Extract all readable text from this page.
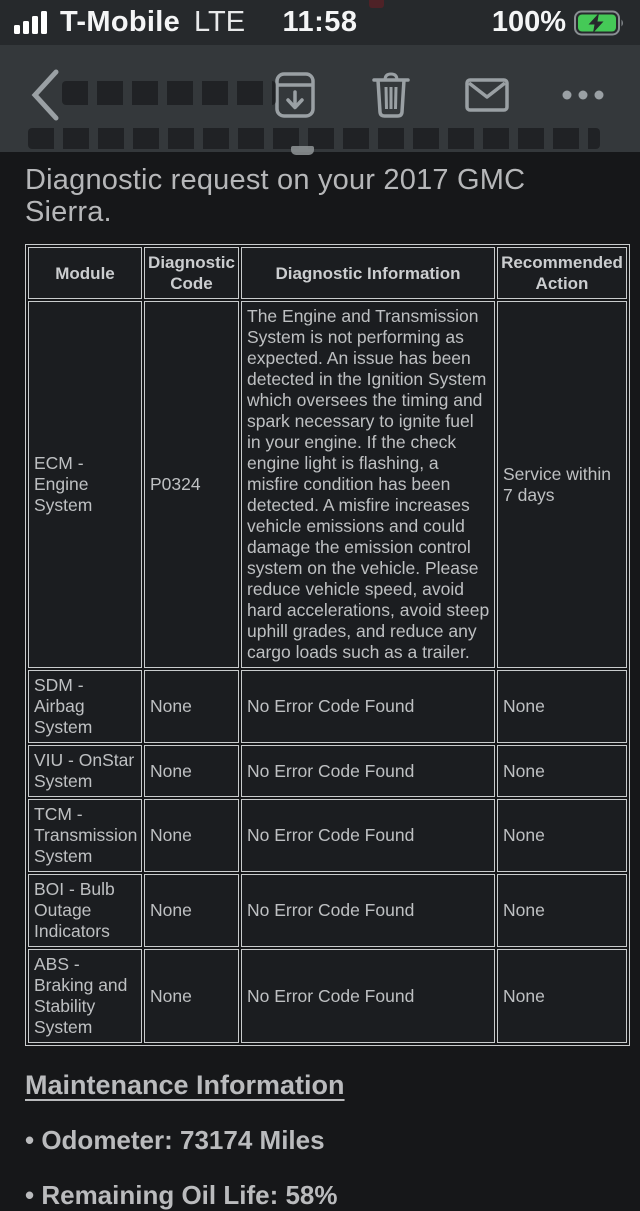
T-Mobile LTE	11:58	100%

Diagnostic request on your 2017 GMC Sierra.

Module	Diagnostic Code	Diagnostic Information	Recommended Action
ECM - Engine System	P0324	The Engine and Transmission System is not performing as expected. An issue has been detected in the Ignition System which oversees the timing and spark necessary to ignite fuel in your engine. If the check engine light is flashing, a misfire condition has been detected. A misfire increases vehicle emissions and could damage the emission control system on the vehicle. Please reduce vehicle speed, avoid hard accelerations, avoid steep uphill grades, and reduce any cargo loads such as a trailer.	Service within 7 days
SDM - Airbag System	None	No Error Code Found	None
VIU - OnStar System	None	No Error Code Found	None
TCM - Transmission System	None	No Error Code Found	None
BOI - Bulb Outage Indicators	None	No Error Code Found	None
ABS - Braking and Stability System	None	No Error Code Found	None
Maintenance Information
• Odometer: 73174 Miles
• Remaining Oil Life: 58%
